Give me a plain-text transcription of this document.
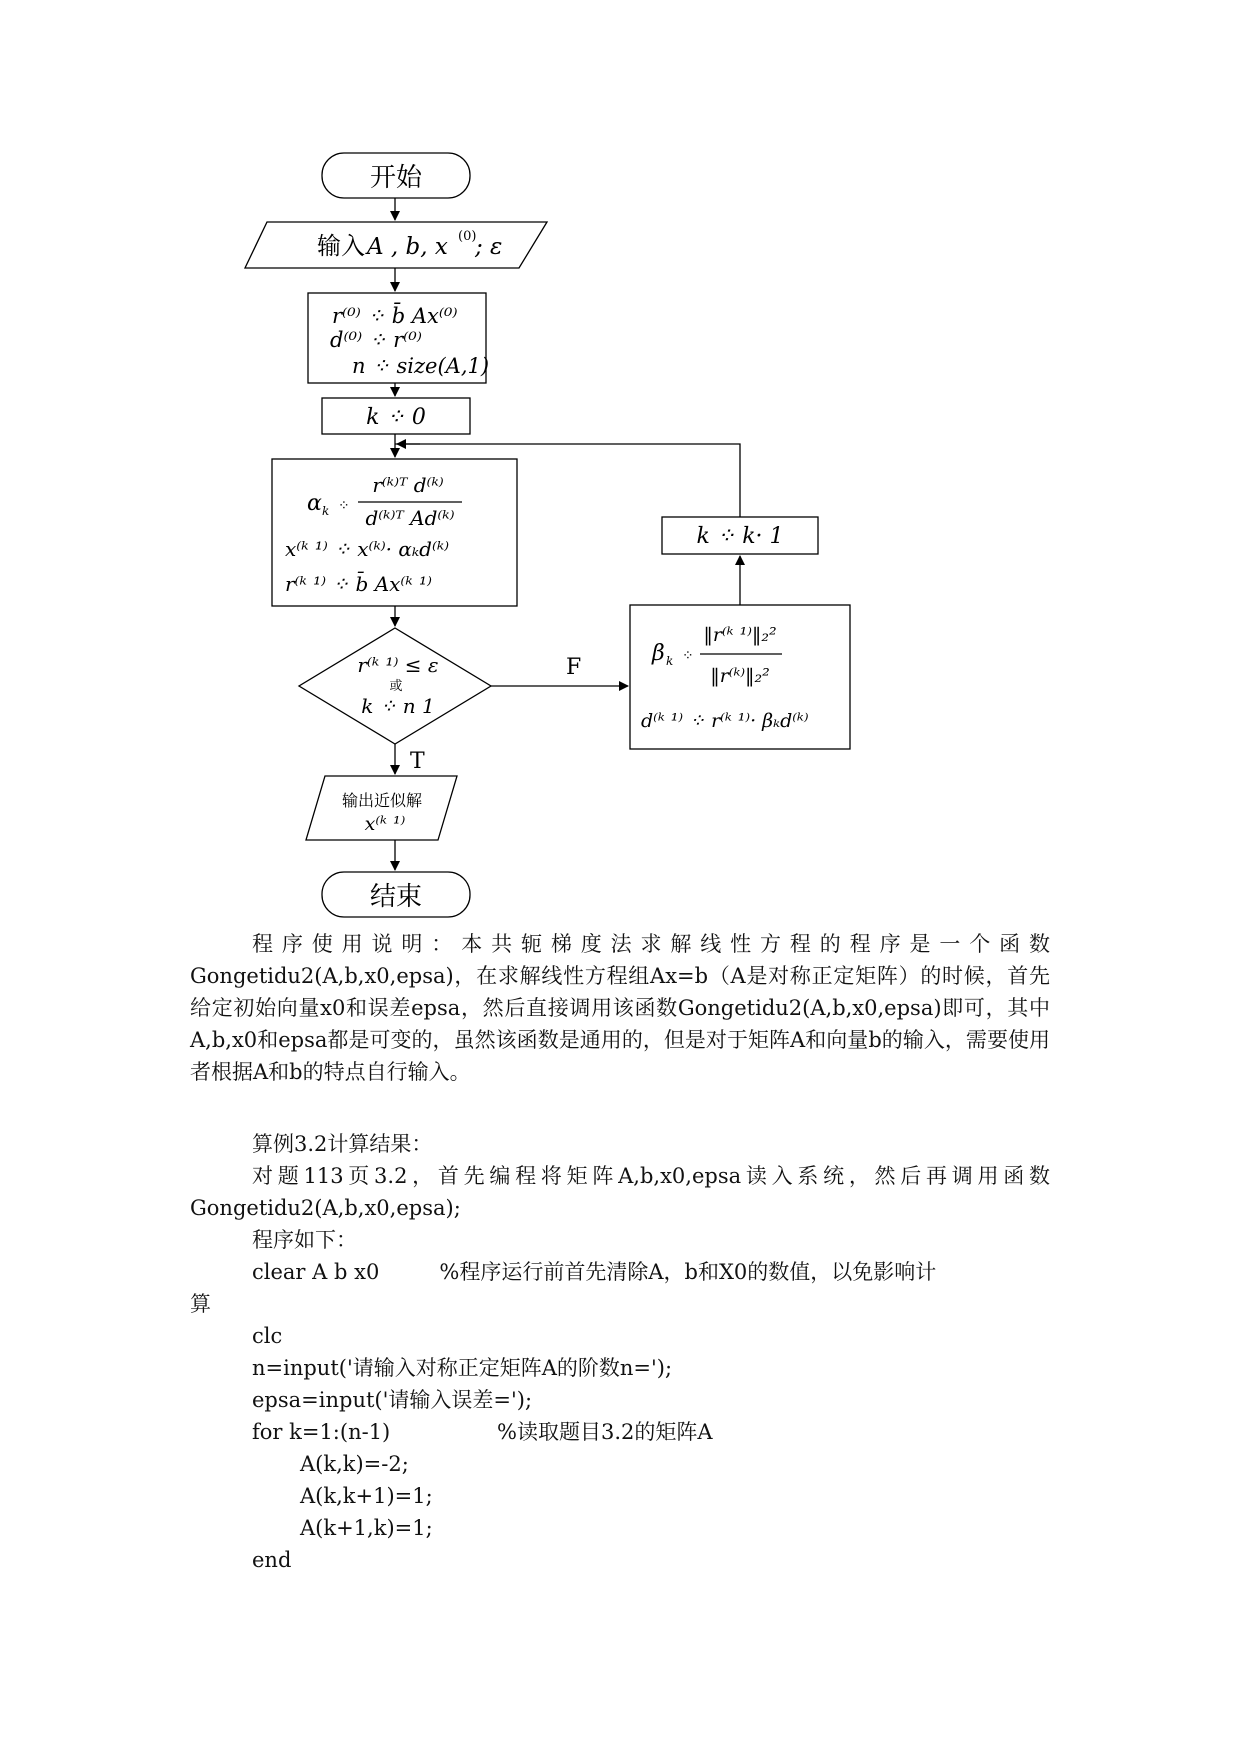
开始
输入 A , b, x (0)
; ε
r⁽⁰⁾ ⁘ b̄ Ax⁽⁰⁾
d⁽⁰⁾ ⁘ r⁽⁰⁾
n ⁘ size(A,1)
k ⁘ 0
α k ⁘
r⁽ᵏ⁾ᵀ d⁽ᵏ⁾
d⁽ᵏ⁾ᵀ Ad⁽ᵏ⁾
x⁽ᵏ ¹⁾ ⁘ x⁽ᵏ⁾· αₖd⁽ᵏ⁾
r⁽ᵏ ¹⁾ ⁘ b̄ Ax⁽ᵏ ¹⁾
r⁽ᵏ ¹⁾ ≤ ε
或
k ⁘ n 1
F
T
β k ⁘
‖r⁽ᵏ ¹⁾‖₂²
‖r⁽ᵏ⁾‖₂²
d⁽ᵏ ¹⁾ ⁘ r⁽ᵏ ¹⁾· βₖd⁽ᵏ⁾
k ⁘ k· 1
输出近似解
x⁽ᵏ ¹⁾
结束

程序使用说明：本共轭梯度法求解线性方程的程序是一个函数Gongetidu2(A,b,x0,epsa)，在求解线性方程组Ax=b（A是对称正定矩阵）的时候，首先给定初始向量x0和误差epsa，然后直接调用该函数Gongetidu2(A,b,x0,epsa)即可，其中A,b,x0和epsa都是可变的，虽然该函数是通用的，但是对于矩阵A和向量b的输入，需要使用者根据A和b的特点自行输入。

算例3.2计算结果：

对题113页3.2，首先编程将矩阵A,b,x0,epsa读入系统，然后再调用函数Gongetidu2(A,b,x0,epsa);

程序如下：

clear A b x0         %程序运行前首先清除A，b和X0的数值，以免影响计

算

clc

n=input('请输入对称正定矩阵A的阶数n=');

epsa=input('请输入误差=');

for k=1:(n-1)                %读取题目3.2的矩阵A

A(k,k)=-2;

A(k,k+1)=1;

A(k+1,k)=1;

end
